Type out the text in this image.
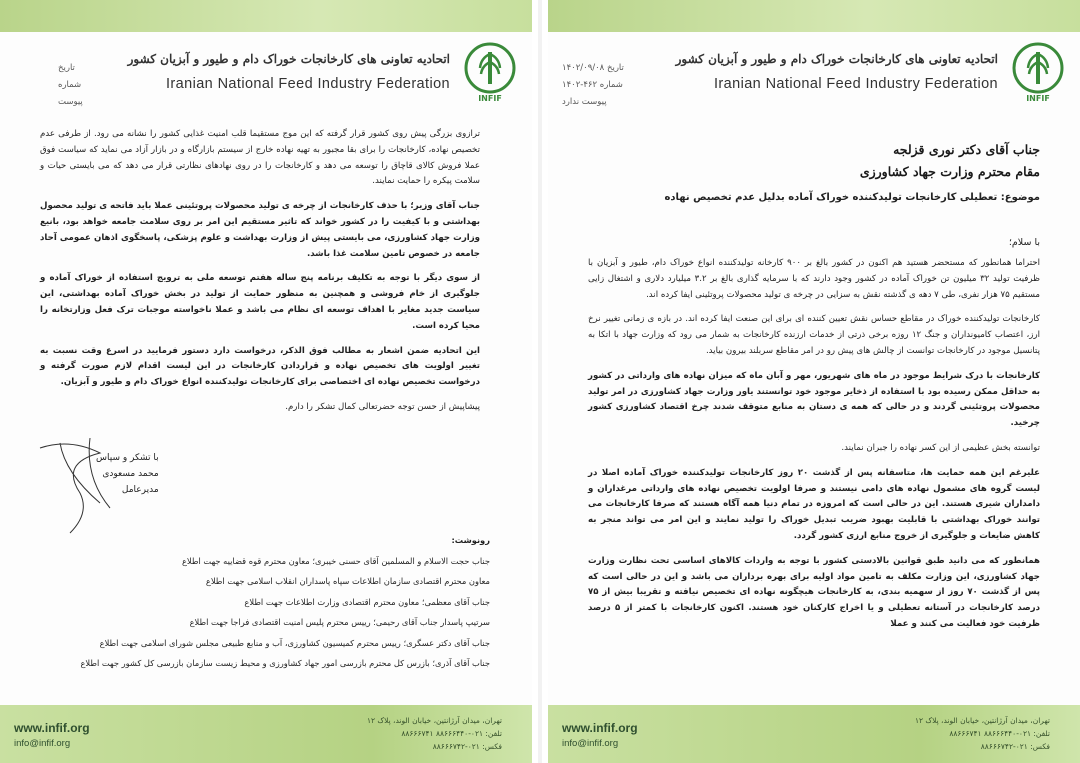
تاریخ
شماره
پیوست
اتحادیه تعاونی های کارخانجات خوراک دام و طیور و آبزیان کشور
Iranian National Feed Industry Federation
INFIF

ترازوی بزرگی پیش روی کشور قرار گرفته که این موج مستقیما قلب امنیت غذایی کشور را نشانه می رود. از طرفی عدم تخصیص نهاده، کارخانجات را برای بقا مجبور به تهیه نهاده خارج از سیستم بازارگاه و در بازار آزاد می نماید که سیاست فوق عملا فروش کالای قاچاق را توسعه می دهد و کارخانجات را در روی نهادهای نظارتی قرار می دهد که می بایستی حیات و سلامت پیکره را حمایت نمایند.

جناب آقای وزیر؛ با حذف کارخانجات از چرخه ی تولید محصولات پروتئینی عملا باید فاتحه ی تولید محصول بهداشتی و با کیفیت را در کشور خواند که تاثیر مستقیم این امر بر روی سلامت جامعه خواهد بود، بانیع وزارت جهاد کشاورزی، می بایستی پیش از وزارت بهداشت و علوم پزشکی، پاسخگوی اذهان عمومی آحاد جامعه در خصوص تامین سلامت غذا باشد.

از سوی دیگر با توجه به تکلیف برنامه پنج ساله هفتم توسعه ملی به ترویج استفاده از خوراک آماده و جلوگیری از خام فروشی و همچنین به منظور حمایت از تولید در بخش خوراک آماده بهداشتی، این سیاست جدید مغایر با اهداف توسعه ای نظام می باشد و عملا ناخواسته موجبات ترک فعل وزارتخانه را محیا کرده است.

این اتحادیه ضمن اشعار به مطالب فوق الذکر، درخواست دارد دستور فرمایید در اسرع وقت نسبت به تغییر اولویت های تخصیص نهاده و قراردادن کارخانجات در این لیست اقدام لازم صورت گرفته و درخواست تخصیص نهاده ای اختصاصی برای کارخانجات تولیدکننده انواع خوراک دام و طیور و آبزیان.

پیشاپیش از حسن توجه حضرتعالی کمال تشکر را دارم.

با تشکر و سپاس
محمد مسعودی
مدیرعامل
رونوشت:
جناب حجت الاسلام و المسلمین آقای حسنی خیبری؛ معاون محترم قوه قضاییه جهت اطلاع
معاون محترم اقتصادی سازمان اطلاعات سپاه پاسداران انقلاب اسلامی جهت اطلاع
جناب آقای معظمی؛ معاون محترم اقتصادی وزارت اطلاعات جهت اطلاع
سرتیپ پاسدار جناب آقای رحیمی؛ رییس محترم پلیس امنیت اقتصادی فراجا جهت اطلاع
جناب آقای دکتر عسگری؛ رییس محترم کمیسیون کشاورزی، آب و منابع طبیعی مجلس شورای اسلامی جهت اطلاع
جناب آقای آذری؛ بازرس کل محترم بازرسی امور جهاد کشاورزی و محیط زیست سازمان بازرسی کل کشور جهت اطلاع
www.infif.org
info@infif.org
تهران، میدان آرژانتین، خیابان الوند، پلاک ۱۲
تلفن: ۰۲۱-۸۸۶۶۶۴۴۰ ۸۸۶۶۶۷۴۱
فکس: ۰۲۱-۸۸۶۶۶۷۴۲
تاریخ ۱۴۰۲/۰۹/۰۸
شماره ۴۶۲-۱۴۰۲
پیوست ندارد
اتحادیه تعاونی های کارخانجات خوراک دام و طیور و آبزیان کشور
Iranian National Feed Industry Federation
INFIF
جناب آقای دکتر نوری قزلجه
مقام محترم وزارت جهاد کشاورزی
موضوع: تعطیلی کارخانجات تولیدکننده خوراک آماده بدلیل عدم تخصیص نهاده
با سلام؛

احتراما همانطور که مستحضر هستید هم اکنون در کشور بالغ بر ۹۰۰ کارخانه تولیدکننده انواع خوراک دام، طیور و آبزیان با ظرفیت تولید ۳۲ میلیون تن خوراک آماده در کشور وجود دارند که با سرمایه گذاری بالغ بر ۳.۲ میلیارد دلاری و اشتغال زایی مستقیم ۷۵ هزار نفری، طی ۷ دهه ی گذشته نقش به سزایی در چرخه ی تولید محصولات پروتئینی ایفا کرده اند.

کارخانجات تولیدکننده خوراک در مقاطع حساس نقش تعیین کننده ای برای این صنعت ایفا کرده اند. در بازه ی زمانی تغییر نرخ ارز، اعتصاب کامیونداران و جنگ ۱۲ روزه برخی ذرتی از خدمات ارزنده کارخانجات به شمار می رود که وزارت جهاد با اتکا به پتانسیل موجود در کارخانجات توانست از چالش های پیش رو در امر مقاطع سربلند بیرون بیاید.

کارخانجات با درک شرایط موجود در ماه های شهریور، مهر و آبان ماه که میزان نهاده های وارداتی در کشور به حداقل ممکن رسیده بود با استفاده از ذخایر موجود خود توانستند یاور وزارت جهاد کشاورزی در امر تولید محصولات پروتئینی گردند و در حالی که همه ی دستان به منابع متوقف شدند چرخ اقتصاد کشاورزی کشور چرخید.

توانسته بخش عظیمی از این کسر نهاده را جبران نمایند.

علیرغم این همه حمایت ها، متاسفانه پس از گذشت ۲۰ روز کارخانجات تولیدکننده خوراک آماده اصلا در لیست گروه های مشمول نهاده های دامی نیستند و صرفا اولویت تخصیص نهاده های وارداتی مرغداران و دامداران شیری هستند. این در حالی است که امروزه در تمام دنیا همه آگاه هستند که صرفا کارخانجات می توانند خوراک بهداشتی با قابلیت بهبود ضریب تبدیل خوراک را تولید نمایند و این امر می تواند منجر به کاهش ضایعات و جلوگیری از خروج منابع ارزی کشور گردد.

همانطور که می دانید طبق قوانین بالادستی کشور با توجه به واردات کالاهای اساسی تحت نظارت وزارت جهاد کشاورزی، این وزارت مکلف به تامین مواد اولیه برای بهره برداران می باشد و این در حالی است که پس از گذشت ۷۰ روز از سهمیه بندی، به کارخانجات هیچگونه نهاده ای تخصیص نیافته و تقریبا بیش از ۷۵ درصد کارخانجات در آستانه تعطیلی و یا اخراج کارکنان خود هستند. اکنون کارخانجات با کمتر از ۵ درصد ظرفیت خود فعالیت می کنند و عملا

www.infif.org
info@infif.org
تهران، میدان آرژانتین، خیابان الوند، پلاک ۱۲
تلفن: ۰۲۱-۸۸۶۶۶۴۴۰ ۸۸۶۶۶۷۴۱
فکس: ۰۲۱-۸۸۶۶۶۷۴۲
